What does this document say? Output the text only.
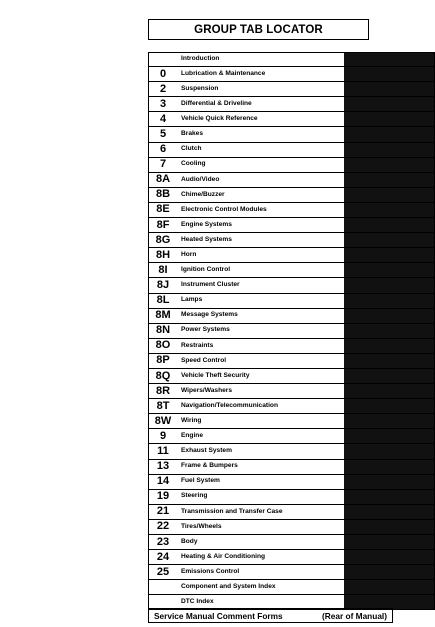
GROUP TAB LOCATOR
Introduction
0	Lubrication & Maintenance
2	Suspension
3	Differential & Driveline
4	Vehicle Quick Reference
5	Brakes
6	Clutch
7	Cooling
8A	Audio/Video
8B	Chime/Buzzer
8E	Electronic Control Modules
8F	Engine Systems
8G	Heated Systems
8H	Horn
8I	Ignition Control
8J	Instrument Cluster
8L	Lamps
8M	Message Systems
8N	Power Systems
8O	Restraints
8P	Speed Control
8Q	Vehicle Theft Security
8R	Wipers/Washers
8T	Navigation/Telecommunication
8W	Wiring
9	Engine
11	Exhaust System
13	Frame & Bumpers
14	Fuel System
19	Steering
21	Transmission and Transfer Case
22	Tires/Wheels
23	Body
24	Heating & Air Conditioning
25	Emissions Control
Component and System Index
DTC Index
Service Manual Comment Forms	(Rear of Manual)
